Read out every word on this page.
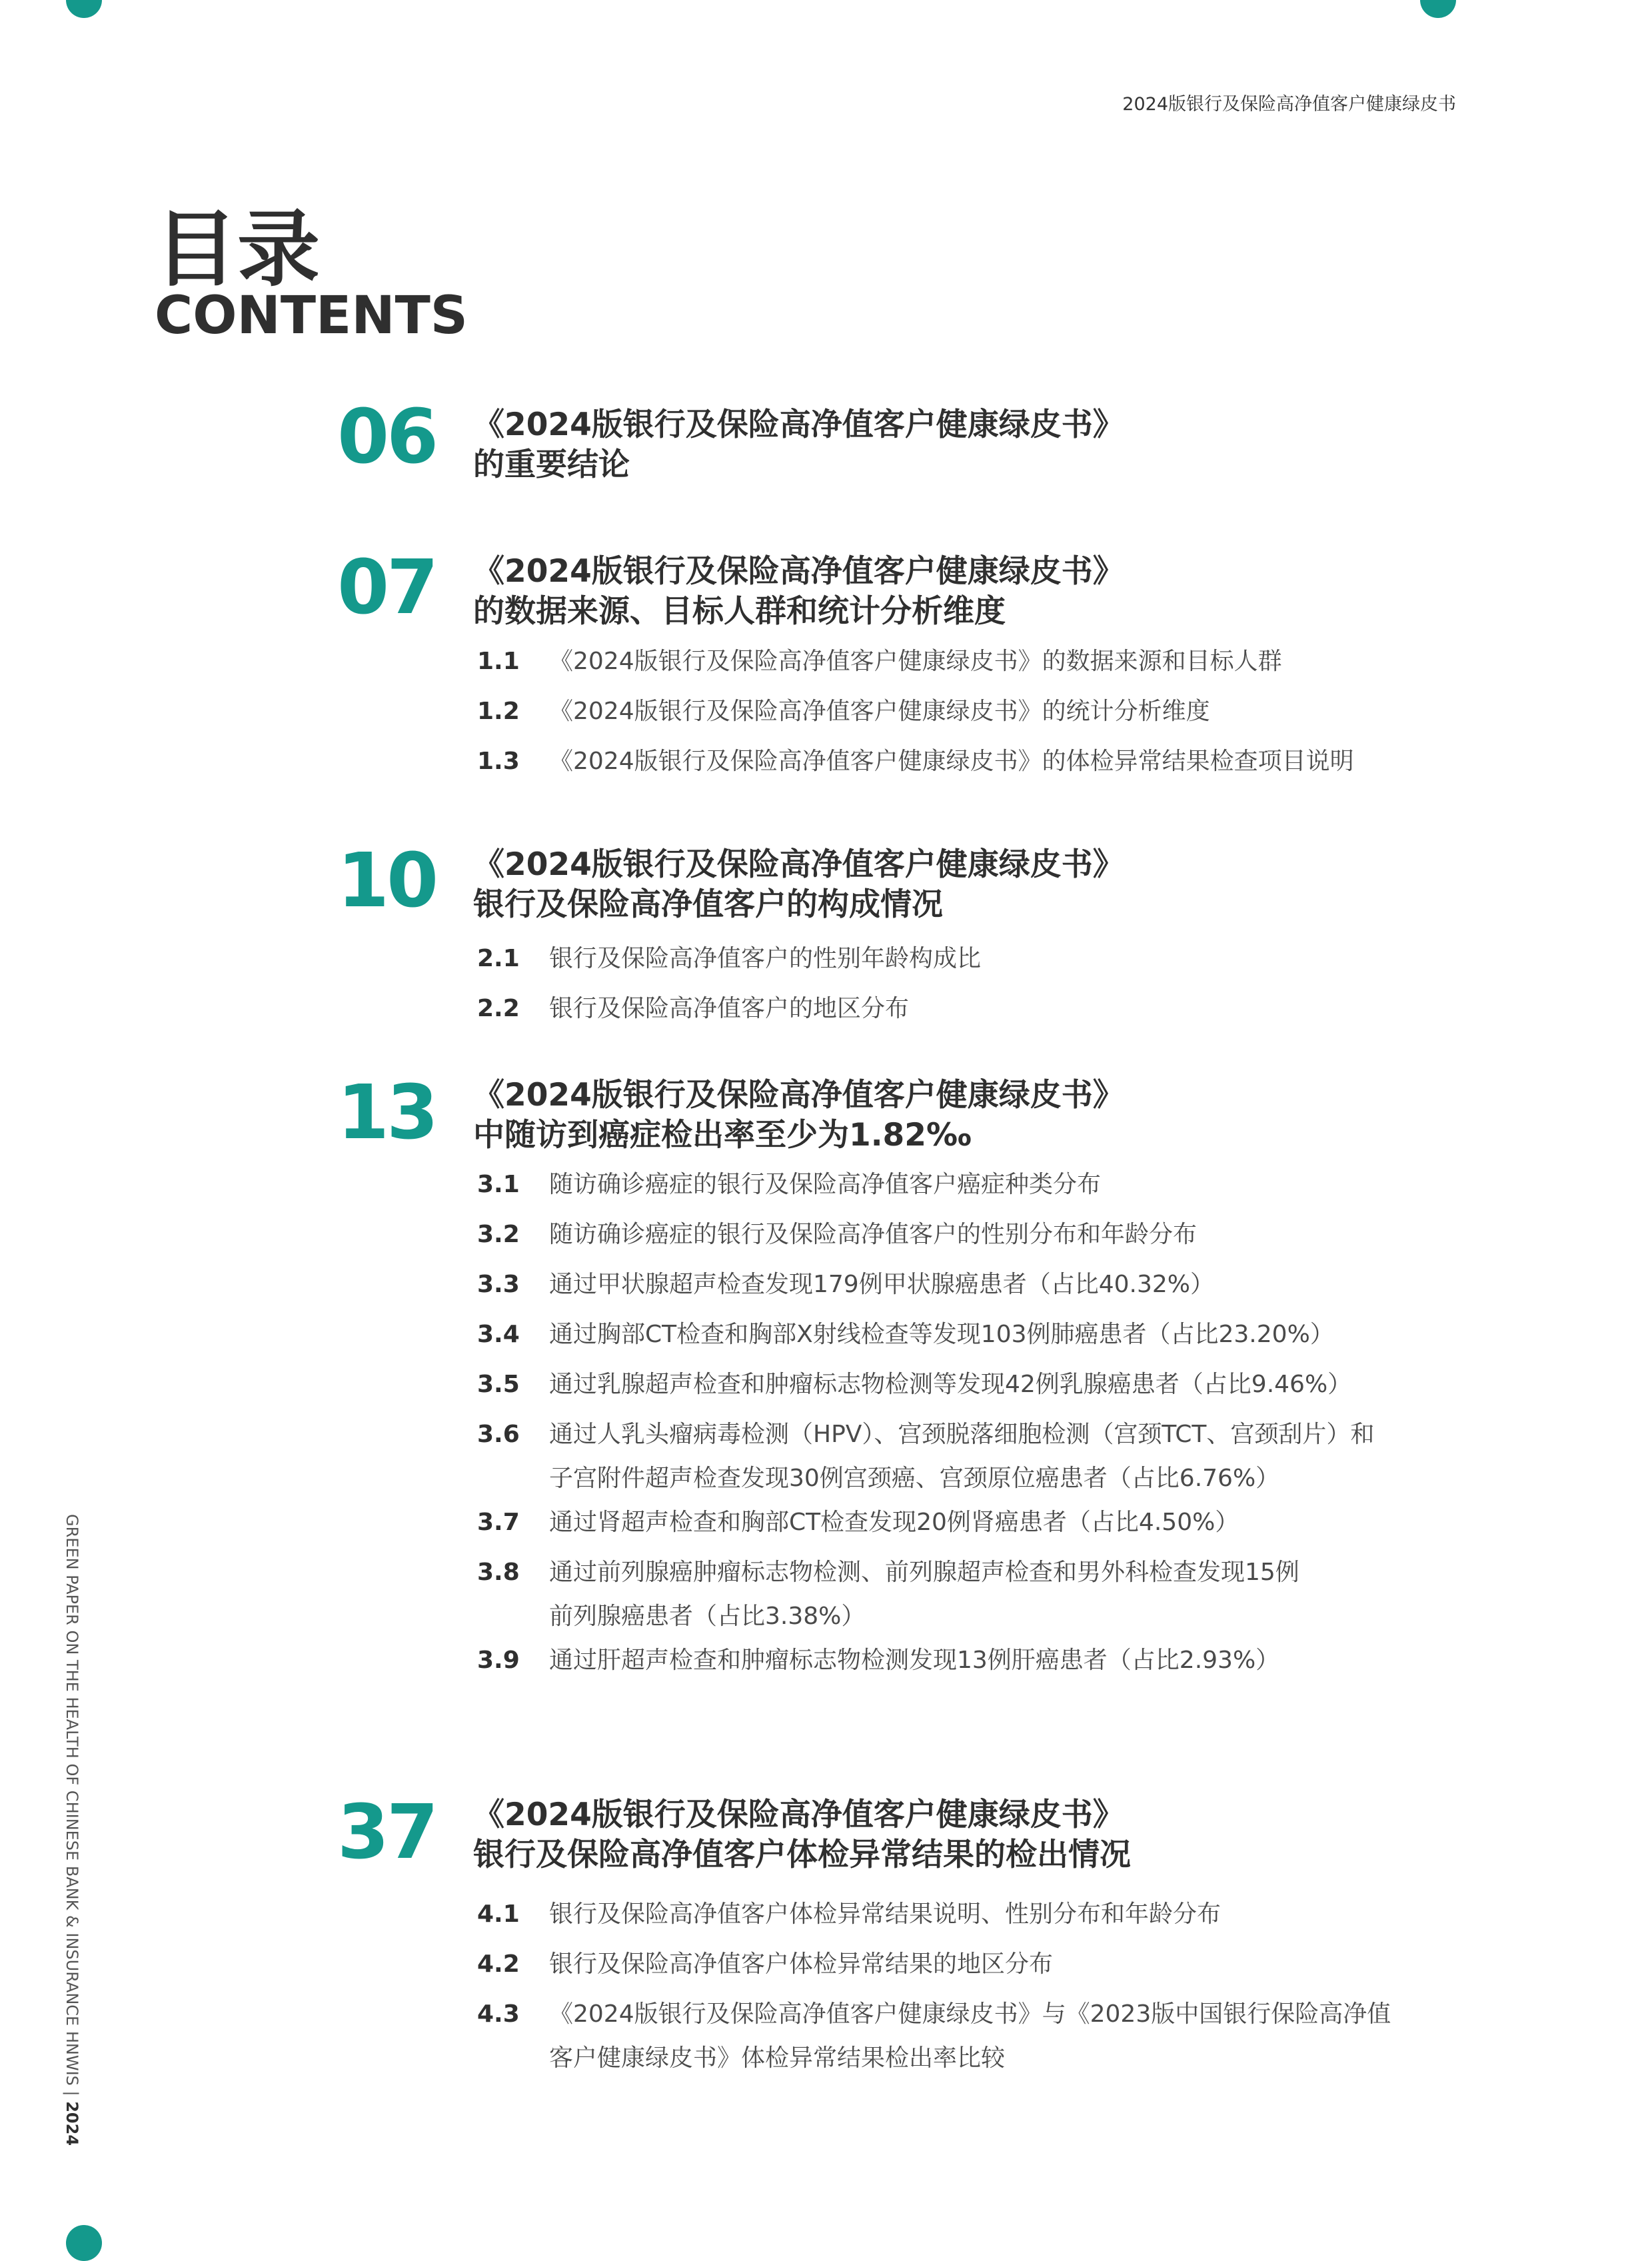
2024版银行及保险高净值客户健康绿皮书
目录
CONTENTS
06 《2024版银行及保险高净值客户健康绿皮书》
的重要结论
07 《2024版银行及保险高净值客户健康绿皮书》
的数据来源、目标人群和统计分析维度
1.1 《2024版银行及保险高净值客户健康绿皮书》的数据来源和目标人群
1.2 《2024版银行及保险高净值客户健康绿皮书》的统计分析维度
1.3 《2024版银行及保险高净值客户健康绿皮书》的体检异常结果检查项目说明
10 《2024版银行及保险高净值客户健康绿皮书》
银行及保险高净值客户的构成情况
2.1 银行及保险高净值客户的性别年龄构成比
2.2 银行及保险高净值客户的地区分布
13 《2024版银行及保险高净值客户健康绿皮书》
中随访到癌症检出率至少为1.82‰
3.1 随访确诊癌症的银行及保险高净值客户癌症种类分布
3.2 随访确诊癌症的银行及保险高净值客户的性别分布和年龄分布
3.3 通过甲状腺超声检查发现179例甲状腺癌患者（占比40.32%）
3.4 通过胸部CT检查和胸部X射线检查等发现103例肺癌患者（占比23.20%）
3.5 通过乳腺超声检查和肿瘤标志物检测等发现42例乳腺癌患者（占比9.46%）
3.6 通过人乳头瘤病毒检测（HPV）、宫颈脱落细胞检测（宫颈TCT、宫颈刮片）和
子宫附件超声检查发现30例宫颈癌、宫颈原位癌患者（占比6.76%）
3.7 通过肾超声检查和胸部CT检查发现20例肾癌患者（占比4.50%）
3.8 通过前列腺癌肿瘤标志物检测、前列腺超声检查和男外科检查发现15例
前列腺癌患者（占比3.38%）
3.9 通过肝超声检查和肿瘤标志物检测发现13例肝癌患者（占比2.93%）
37 《2024版银行及保险高净值客户健康绿皮书》
银行及保险高净值客户体检异常结果的检出情况
4.1 银行及保险高净值客户体检异常结果说明、性别分布和年龄分布
4.2 银行及保险高净值客户体检异常结果的地区分布
4.3 《2024版银行及保险高净值客户健康绿皮书》与《2023版中国银行保险高净值
客户健康绿皮书》体检异常结果检出率比较
GREEN PAPER ON THE HEALTH OF CHINESE BANK & INSURANCE HNWIS | 2024
